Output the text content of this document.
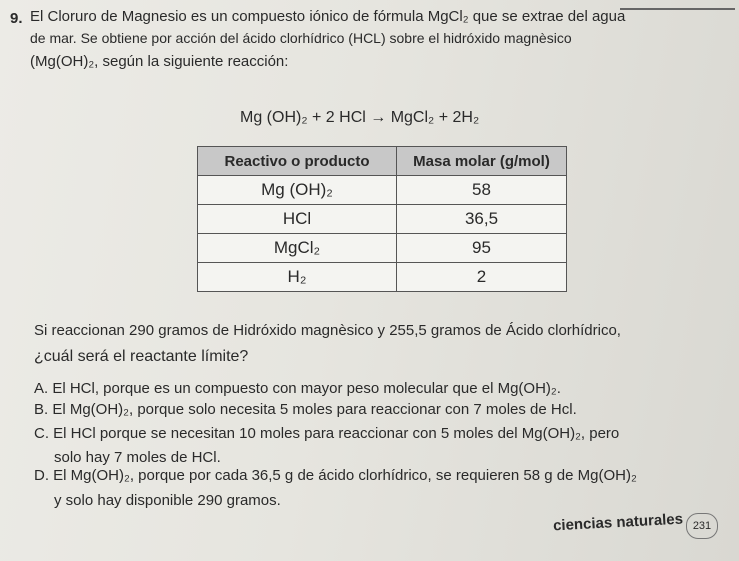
9. El Cloruro de Magnesio es un compuesto iónico de fórmula MgCl₂ que se extrae del agua
de mar. Se obtiene por acción del ácido clorhídrico (HCL) sobre el hidróxido magnèsico
(Mg(OH)₂, según la siguiente reacción:
Mg (OH)₂ + 2 HCl → MgCl₂ + 2H₂
Reactivo o producto	Masa molar (g/mol)
Mg (OH)₂	58
HCl	36,5
MgCl₂	95
H₂	2
Si reaccionan 290 gramos de Hidróxido magnèsico y 255,5 gramos de Ácido clorhídrico,
¿cuál será el reactante límite?
A. El HCl, porque es un compuesto con mayor peso molecular que el Mg(OH)₂.
B. El Mg(OH)₂, porque solo necesita 5 moles para reaccionar con 7 moles de Hcl.
C. El HCl porque se necesitan 10 moles para reaccionar con 5 moles del Mg(OH)₂, pero
solo hay 7 moles de HCl.
D. El Mg(OH)₂, porque por cada 36,5 g de ácido clorhídrico, se requieren 58 g de Mg(OH)₂
y solo hay disponible 290 gramos.
ciencias naturales 231
